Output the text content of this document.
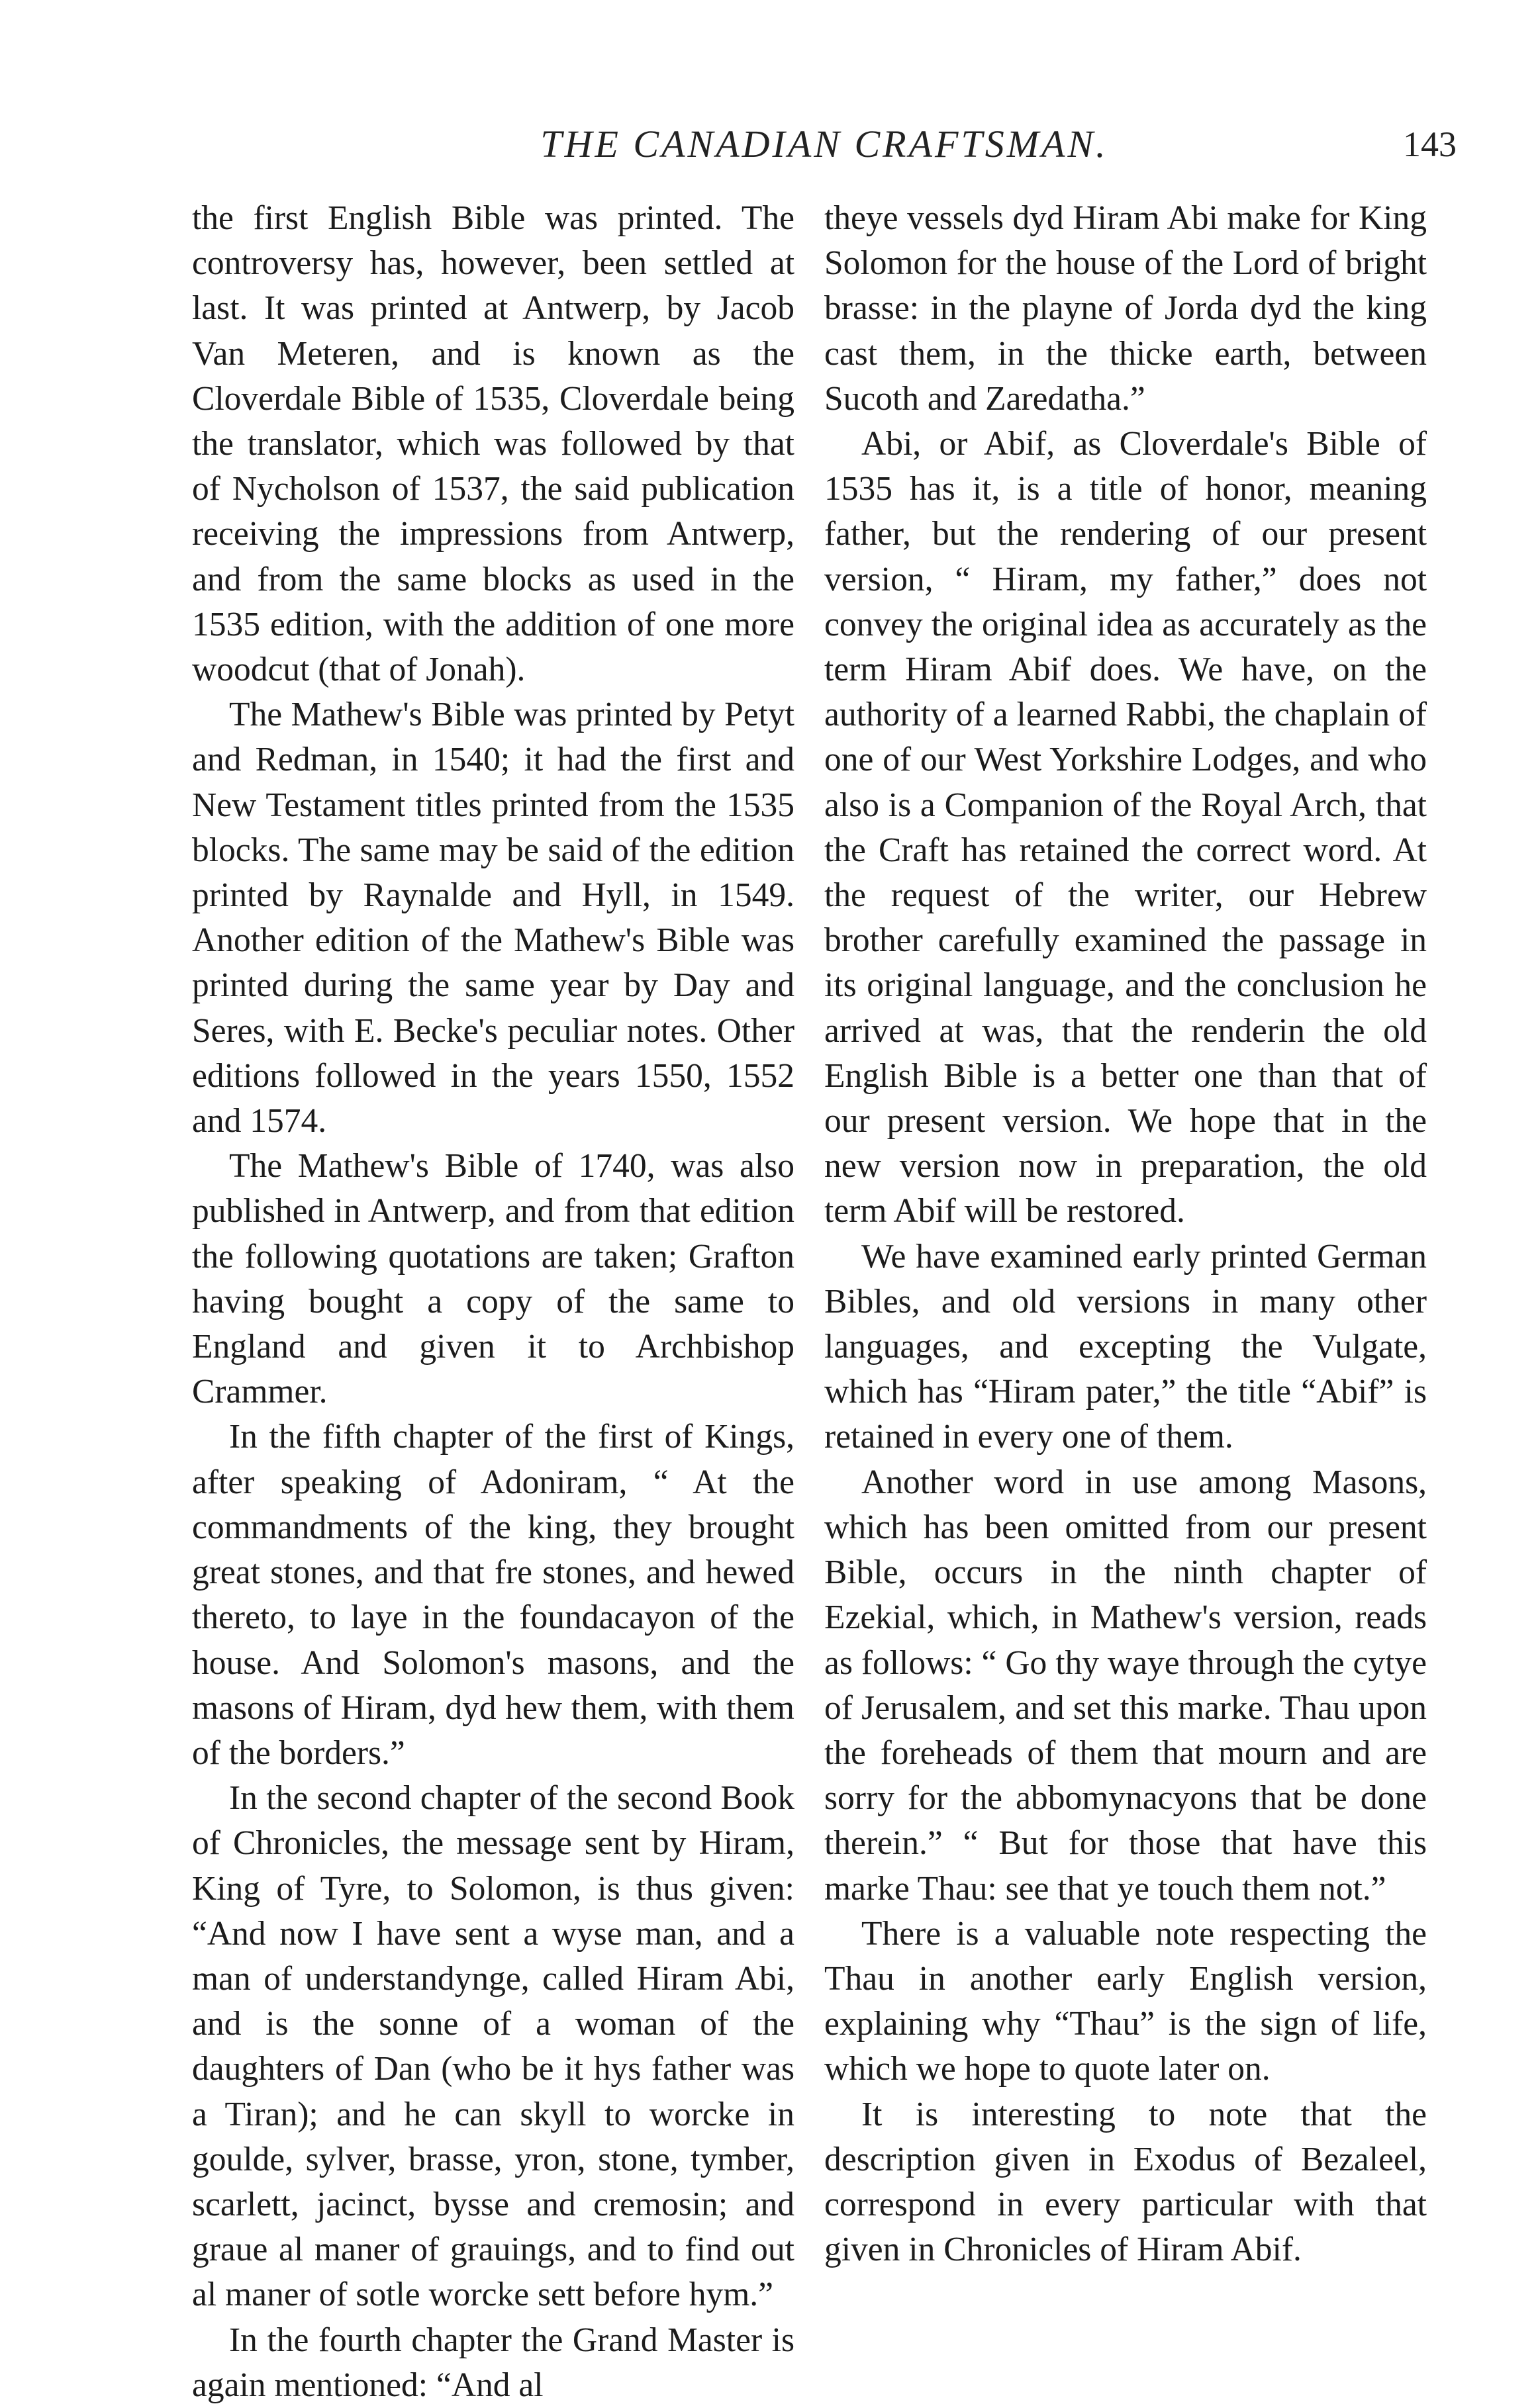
THE CANADIAN CRAFTSMAN.	143

the first English Bible was printed. The controversy has, however, been settled at last. It was printed at Antwerp, by Jacob Van Meteren, and is known as the Cloverdale Bible of 1535, Cloverdale being the translator, which was followed by that of Nycholson of 1537, the said publication receiving the impressions from Antwerp, and from the same blocks as used in the 1535 edition, with the addition of one more woodcut (that of Jonah).

The Mathew's Bible was printed by Petyt and Redman, in 1540; it had the first and New Testament titles printed from the 1535 blocks. The same may be said of the edition printed by Raynalde and Hyll, in 1549. Another edition of the Mathew's Bible was printed during the same year by Day and Seres, with E. Becke's peculiar notes. Other editions followed in the years 1550, 1552 and 1574.

The Mathew's Bible of 1740, was also published in Antwerp, and from that edition the following quotations are taken; Grafton having bought a copy of the same to England and given it to Archbishop Crammer.

In the fifth chapter of the first of Kings, after speaking of Adoniram, “ At the commandments of the king, they brought great stones, and that fre stones, and hewed thereto, to laye in the foundacayon of the house. And Solomon's masons, and the masons of Hiram, dyd hew them, with them of the borders.”

In the second chapter of the second Book of Chronicles, the message sent by Hiram, King of Tyre, to Solomon, is thus given: “And now I have sent a wyse man, and a man of understandynge, called Hiram Abi, and is the sonne of a woman of the daughters of Dan (who be it hys father was a Tiran); and he can skyll to worcke in goulde, sylver, brasse, yron, stone, tymber, scarlett, jacinct, bysse and cremosin; and graue al maner of grauings, and to find out al maner of sotle worcke sett before hym.”

In the fourth chapter the Grand Master is again mentioned: “And al

theye vessels dyd Hiram Abi make for King Solomon for the house of the Lord of bright brasse: in the playne of Jorda dyd the king cast them, in the thicke earth, between Sucoth and Zaredatha.”

Abi, or Abif, as Cloverdale's Bible of 1535 has it, is a title of honor, meaning father, but the rendering of our present version, “ Hiram, my father,” does not convey the original idea as accurately as the term Hiram Abif does. We have, on the authority of a learned Rabbi, the chaplain of one of our West Yorkshire Lodges, and who also is a Companion of the Royal Arch, that the Craft has retained the correct word. At the request of the writer, our Hebrew brother carefully examined the passage in its original language, and the conclusion he arrived at was, that the renderin the old English Bible is a better one than that of our present version. We hope that in the new version now in preparation, the old term Abif will be restored.

We have examined early printed German Bibles, and old versions in many other languages, and excepting the Vulgate, which has “Hiram pater,” the title “Abif” is retained in every one of them.

Another word in use among Masons, which has been omitted from our present Bible, occurs in the ninth chapter of Ezekial, which, in Mathew's version, reads as follows: “ Go thy waye through the cytye of Jerusalem, and set this marke. Thau upon the foreheads of them that mourn and are sorry for the abbomynacyons that be done therein.” “ But for those that have this marke Thau: see that ye touch them not.”

There is a valuable note respecting the Thau in another early English version, explaining why “Thau” is the sign of life, which we hope to quote later on.

It is interesting to note that the description given in Exodus of Bezaleel, correspond in every particular with that given in Chronicles of Hiram Abif.
